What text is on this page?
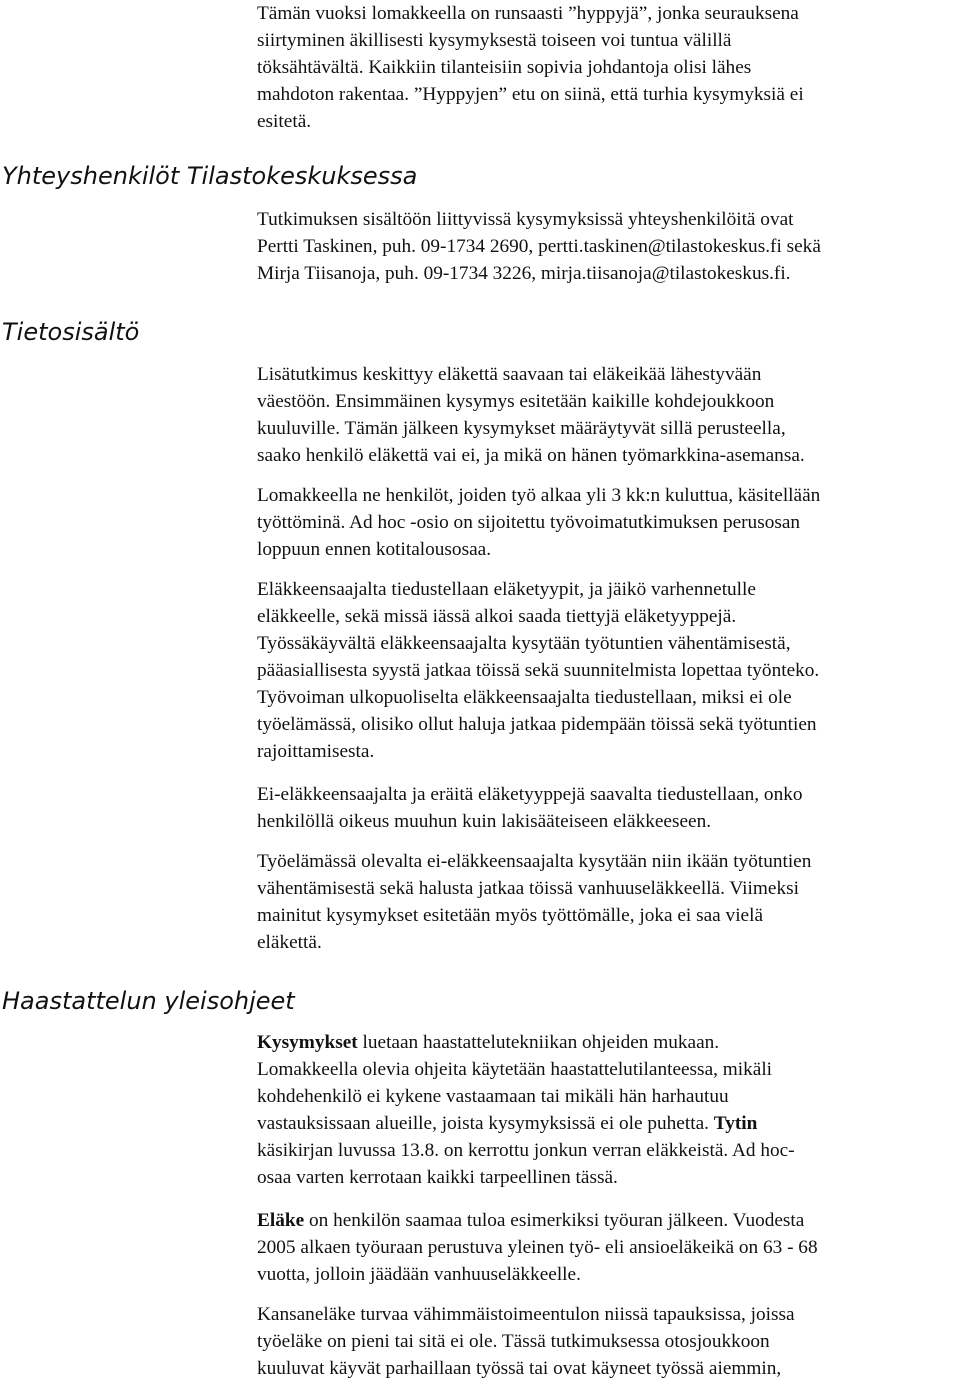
Yhteyshenkilöt Tilastokeskuksessa
Tietosisältö
Haastattelun yleisohjeet
Tämän vuoksi lomakkeella on runsaasti ”hyppyjä”, jonka seurauksena
siirtyminen äkillisesti kysymyksestä toiseen voi tuntua välillä
töksähtävältä. Kaikkiin tilanteisiin sopivia johdantoja olisi lähes
mahdoton rakentaa. ”Hyppyjen” etu on siinä, että turhia kysymyksiä ei
esitetä.
Tutkimuksen sisältöön liittyvissä kysymyksissä yhteyshenkilöitä ovat
Pertti Taskinen, puh. 09-1734 2690, pertti.taskinen@tilastokeskus.fi sekä
Mirja Tiisanoja, puh. 09-1734 3226, mirja.tiisanoja@tilastokeskus.fi.
Lisätutkimus keskittyy eläkettä saavaan tai eläkeikää lähestyvään
väestöön. Ensimmäinen kysymys esitetään kaikille kohdejoukkoon
kuuluville. Tämän jälkeen kysymykset määräytyvät sillä perusteella,
saako henkilö eläkettä vai ei, ja mikä on hänen työmarkkina-asemansa.
Lomakkeella ne henkilöt, joiden työ alkaa yli 3 kk:n kuluttua, käsitellään
työttöminä. Ad hoc -osio on sijoitettu työvoimatutkimuksen perusosan
loppuun ennen kotitalousosaa.
Eläkkeensaajalta tiedustellaan eläketyypit, ja jäikö varhennetulle
eläkkeelle, sekä missä iässä alkoi saada tiettyjä eläketyyppejä.
Työssäkäyvältä eläkkeensaajalta kysytään työtuntien vähentämisestä,
pääasiallisesta syystä jatkaa töissä sekä suunnitelmista lopettaa työnteko.
Työvoiman ulkopuoliselta eläkkeensaajalta tiedustellaan, miksi ei ole
työelämässä, olisiko ollut haluja jatkaa pidempään töissä sekä työtuntien
rajoittamisesta.
Ei-eläkkeensaajalta ja eräitä eläketyyppejä saavalta tiedustellaan, onko
henkilöllä oikeus muuhun kuin lakisääteiseen eläkkeeseen.
Työelämässä olevalta ei-eläkkeensaajalta kysytään niin ikään työtuntien
vähentämisestä sekä halusta jatkaa töissä vanhuuseläkkeellä. Viimeksi
mainitut kysymykset esitetään myös työttömälle, joka ei saa vielä
eläkettä.
Kysymykset luetaan haastattelutekniikan ohjeiden mukaan.
Lomakkeella olevia ohjeita käytetään haastattelutilanteessa, mikäli
kohdehenkilö ei kykene vastaamaan tai mikäli hän harhautuu
vastauksissaan alueille, joista kysymyksissä ei ole puhetta. Tytin
käsikirjan luvussa 13.8. on kerrottu jonkun verran eläkkeistä. Ad hoc-
osaa varten kerrotaan kaikki tarpeellinen tässä.
Eläke on henkilön saamaa tuloa esimerkiksi työuran jälkeen. Vuodesta
2005 alkaen työuraan perustuva yleinen työ- eli ansioeläkeikä on 63 - 68
vuotta, jolloin jäädään vanhuuseläkkeelle.
Kansaneläke turvaa vähimmäistoimeentulon niissä tapauksissa, joissa
työeläke on pieni tai sitä ei ole. Tässä tutkimuksessa otosjoukkoon
kuuluvat käyvät parhaillaan työssä tai ovat käyneet työssä aiemmin,
